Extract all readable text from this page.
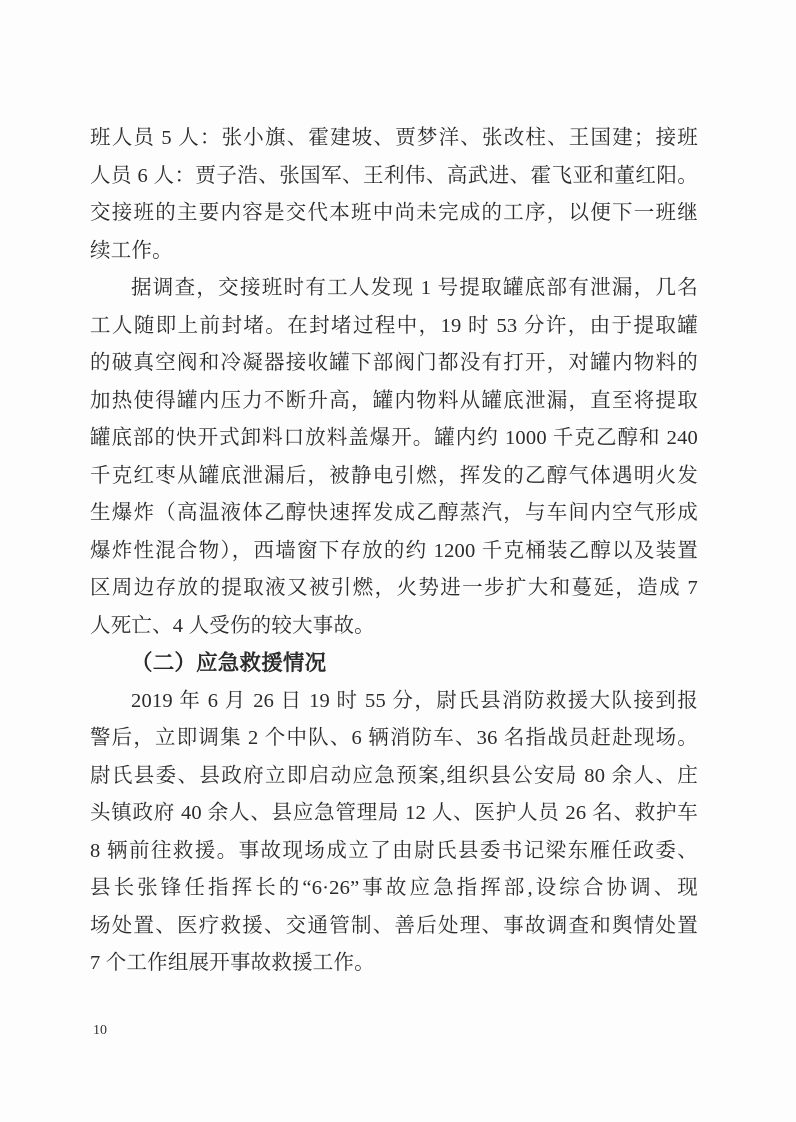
班人员 5 人：张小旗、霍建坡、贾梦洋、张改柱、王国建；接班
人员 6 人：贾子浩、张国军、王利伟、高武进、霍飞亚和董红阳。
交接班的主要内容是交代本班中尚未完成的工序，以便下一班继
续工作。
据调查，交接班时有工人发现 1 号提取罐底部有泄漏，几名
工人随即上前封堵。在封堵过程中，19 时 53 分许，由于提取罐
的破真空阀和冷凝器接收罐下部阀门都没有打开，对罐内物料的
加热使得罐内压力不断升高，罐内物料从罐底泄漏，直至将提取
罐底部的快开式卸料口放料盖爆开。罐内约 1000 千克乙醇和 240
千克红枣从罐底泄漏后，被静电引燃，挥发的乙醇气体遇明火发
生爆炸（高温液体乙醇快速挥发成乙醇蒸汽，与车间内空气形成
爆炸性混合物），西墙窗下存放的约 1200 千克桶装乙醇以及装置
区周边存放的提取液又被引燃，火势进一步扩大和蔓延，造成 7
人死亡、4 人受伤的较大事故。
（二）应急救援情况
2019 年 6 月 26 日 19 时 55 分，尉氏县消防救援大队接到报
警后，立即调集 2 个中队、6 辆消防车、36 名指战员赶赴现场。
尉氏县委、县政府立即启动应急预案,组织县公安局 80 余人、庄
头镇政府 40 余人、县应急管理局 12 人、医护人员 26 名、救护车
8 辆前往救援。事故现场成立了由尉氏县委书记梁东雁任政委、
县长张锋任指挥长的“6·26”事故应急指挥部,设综合协调、现
场处置、医疗救援、交通管制、善后处理、事故调查和舆情处置
7 个工作组展开事故救援工作。
10
